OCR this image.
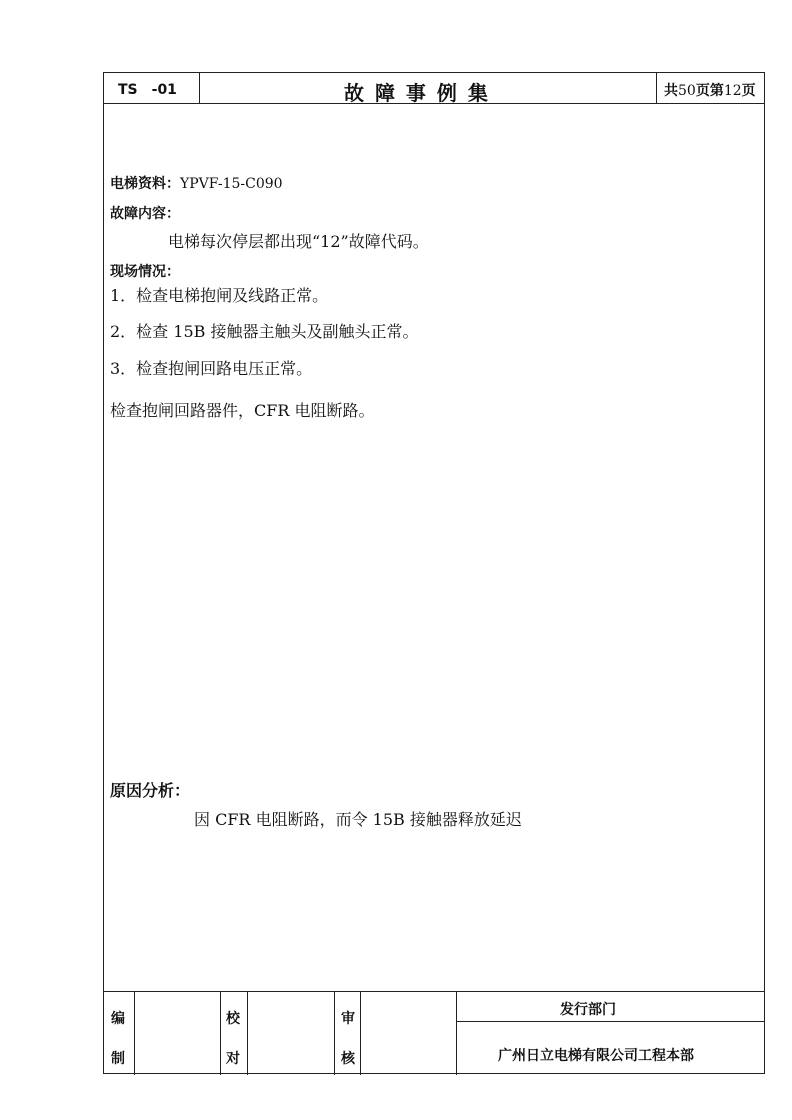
TS　-01	故 障 事 例 集	共50页第12页
电梯资料：YPVF-15-C090
故障内容：
电梯每次停层都出现“12”故障代码。
现场情况：
1．检查电梯抱闸及线路正常。
2．检查 15B 接触器主触头及副触头正常。
3．检查抱闸回路电压正常。
检查抱闸回路器件，CFR 电阻断路。
原因分析：
因 CFR 电阻断路，而令 15B 接触器释放延迟
编
制
校
对
审
核
发行部门
广州日立电梯有限公司工程本部
